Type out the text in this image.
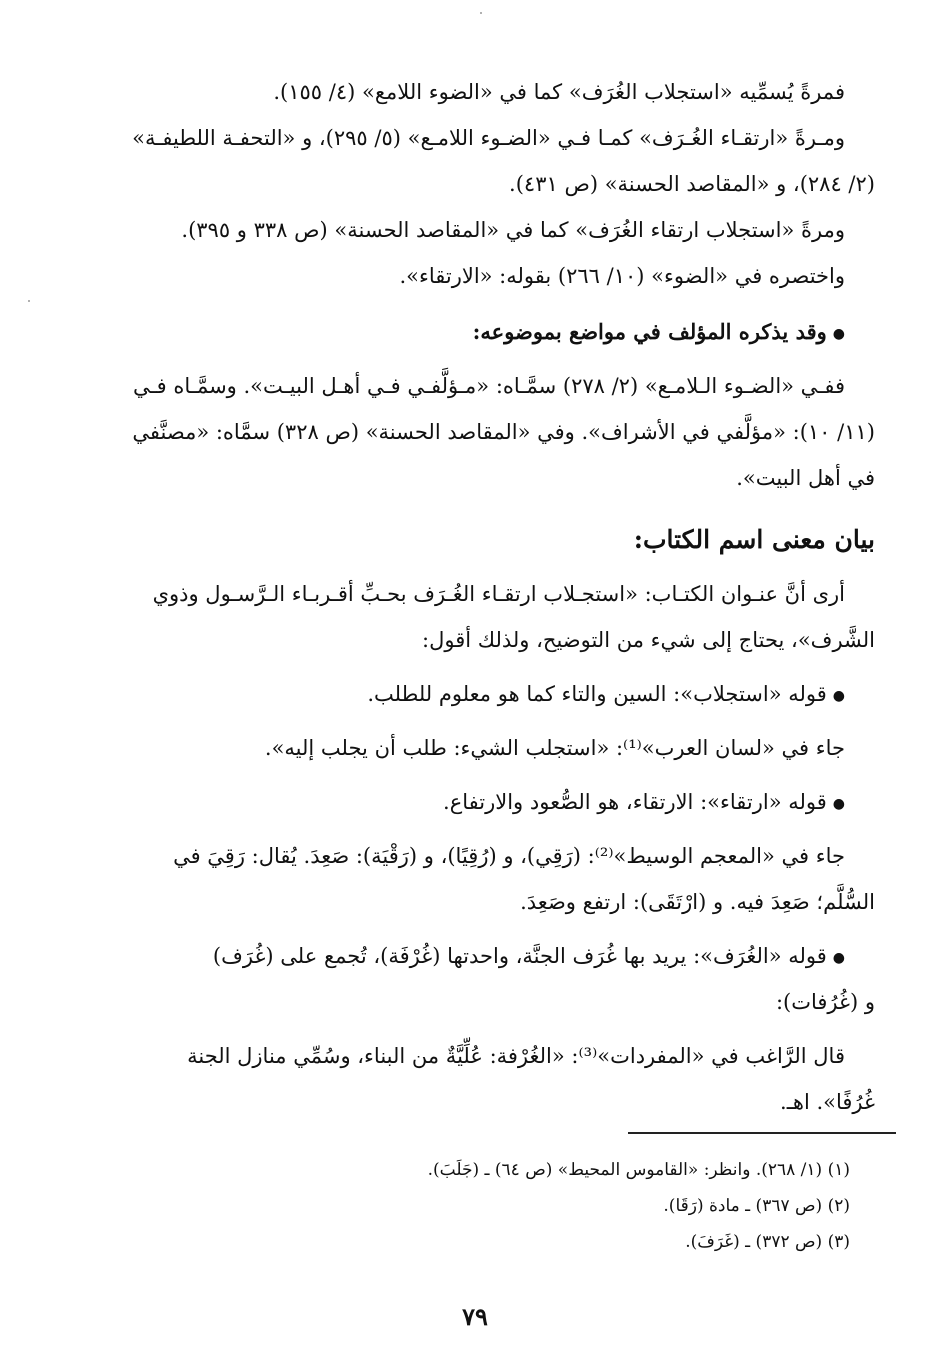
فمرةً يُسمِّيه «استجلاب الغُرَف» كما في «الضوء اللامع» (٤/ ١٥٥).
ومـرةً «ارتقـاء الغُـرَف» كمـا فـي «الضـوء اللامـع» (٥/ ٢٩٥)، و «التحفـة اللطيفـة»
(٢/ ٢٨٤)، و «المقاصد الحسنة» (ص ٤٣١).
ومرةً «استجلاب ارتقاء الغُرَف» كما في «المقاصد الحسنة» (ص ٣٣٨ و ٣٩٥).
واختصره في «الضوء» (١٠/ ٢٦٦) بقوله: «الارتقاء».
●وقد يذكره المؤلف في مواضع بموضوعه:
ففـي «الضـوء الـلامـع» (٢/ ٢٧٨) سمَّـاه: «مـؤلَّفـي فـي أهـل البيـت». وسمَّـاه فـي
(١١/ ١٠): «مؤلَّفي في الأشراف». وفي «المقاصد الحسنة» (ص ٣٢٨) سمَّاه: «مصنَّفي
في أهل البيت».
بيان معنى اسم الكتاب:
أرى أنَّ عنـوان الكتـاب: «استجـلاب ارتقـاء الغُـرَف بحـبِّ أقـربـاء الـرَّسـول وذوي
الشَّرف»، يحتاج إلى شيء من التوضيح، ولذلك أقول:
●قوله «استجلاب»: السين والتاء كما هو معلوم للطلب.
جاء في «لسان العرب»⁽¹⁾: «استجلب الشيء: طلب أن يجلب إليه».
●قوله «ارتقاء»: الارتقاء، هو الصُّعود والارتفاع.
جاء في «المعجم الوسيط»⁽²⁾: (رَقِي)، و (رُقِيًا)، و (رَقْيَة): صَعِدَ. يُقال: رَقِيَ في
السُّلَّم؛ صَعِدَ فيه. و (ارْتَقَى): ارتفع وصَعِدَ.
●قوله «الغُرَف»: يريد بها غُرَف الجنَّة، واحدتها (غُرْفَة)، تُجمع على (غُرَف)
و (غُرُفات):
قال الرَّاغب في «المفردات»⁽³⁾: «الغُرْفة: عُلِّيَّةٌ من البناء، وسُمِّي منازل الجنة
غُرُفًا». اهـ.
(١) (١/ ٢٦٨). وانظر: «القاموس المحيط» (ص ٦٤) ـ (جَلَبَ).
(٢) (ص ٣٦٧) ـ مادة (رَقَا).
(٣) (ص ٣٧٢) ـ (غَرَفَ).
٧٩
